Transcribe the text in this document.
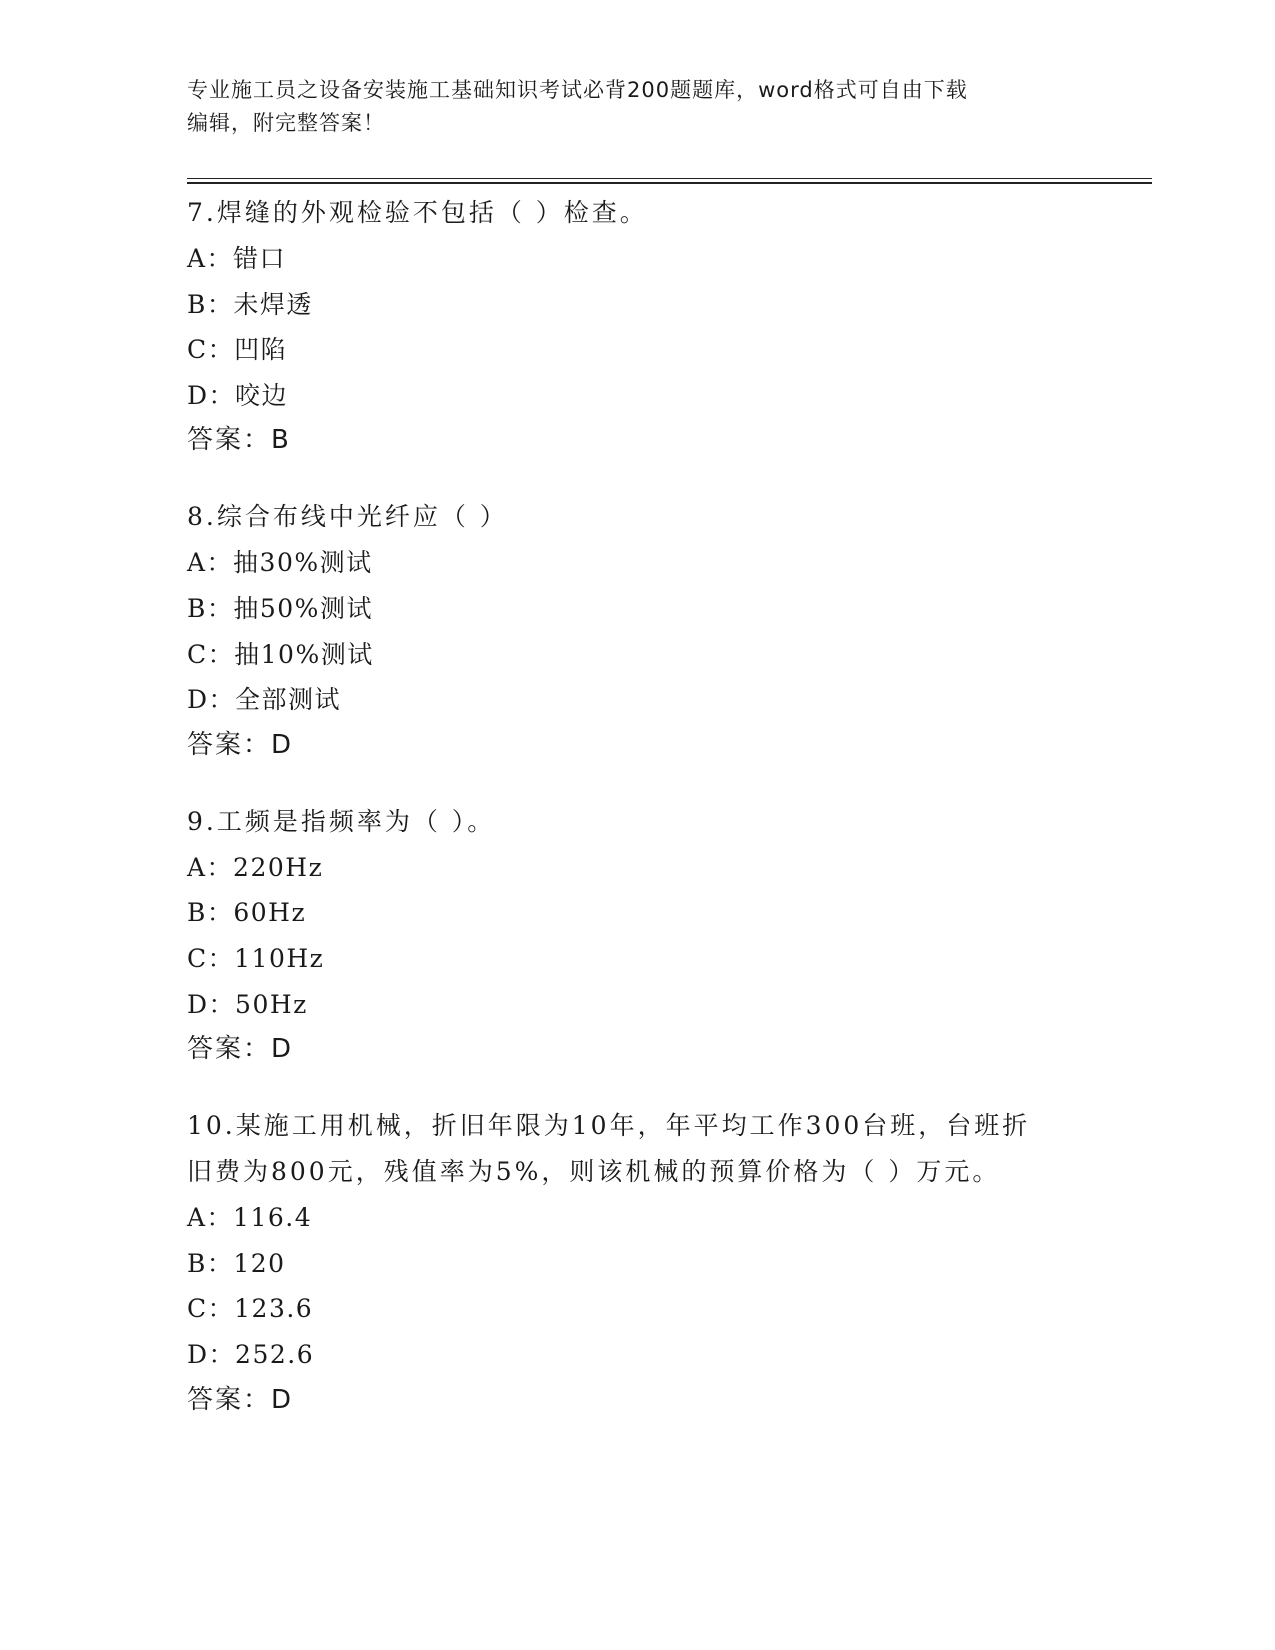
专业施工员之设备安装施工基础知识考试必背200题题库，word格式可自由下载
编辑，附完整答案！

7.焊缝的外观检验不包括（ ）检查。

A：错口

B：未焊透

C：凹陷

D：咬边

答案：B

8.综合布线中光纤应（ ）

A：抽30%测试

B：抽50%测试

C：抽10%测试

D：全部测试

答案：D

9.工频是指频率为（ ）。

A：220Hz

B：60Hz

C：110Hz

D：50Hz

答案：D

10.某施工用机械，折旧年限为10年，年平均工作300台班，台班折

旧费为800元，残值率为5%，则该机械的预算价格为（ ）万元。

A：116.4

B：120

C：123.6

D：252.6

答案：D
